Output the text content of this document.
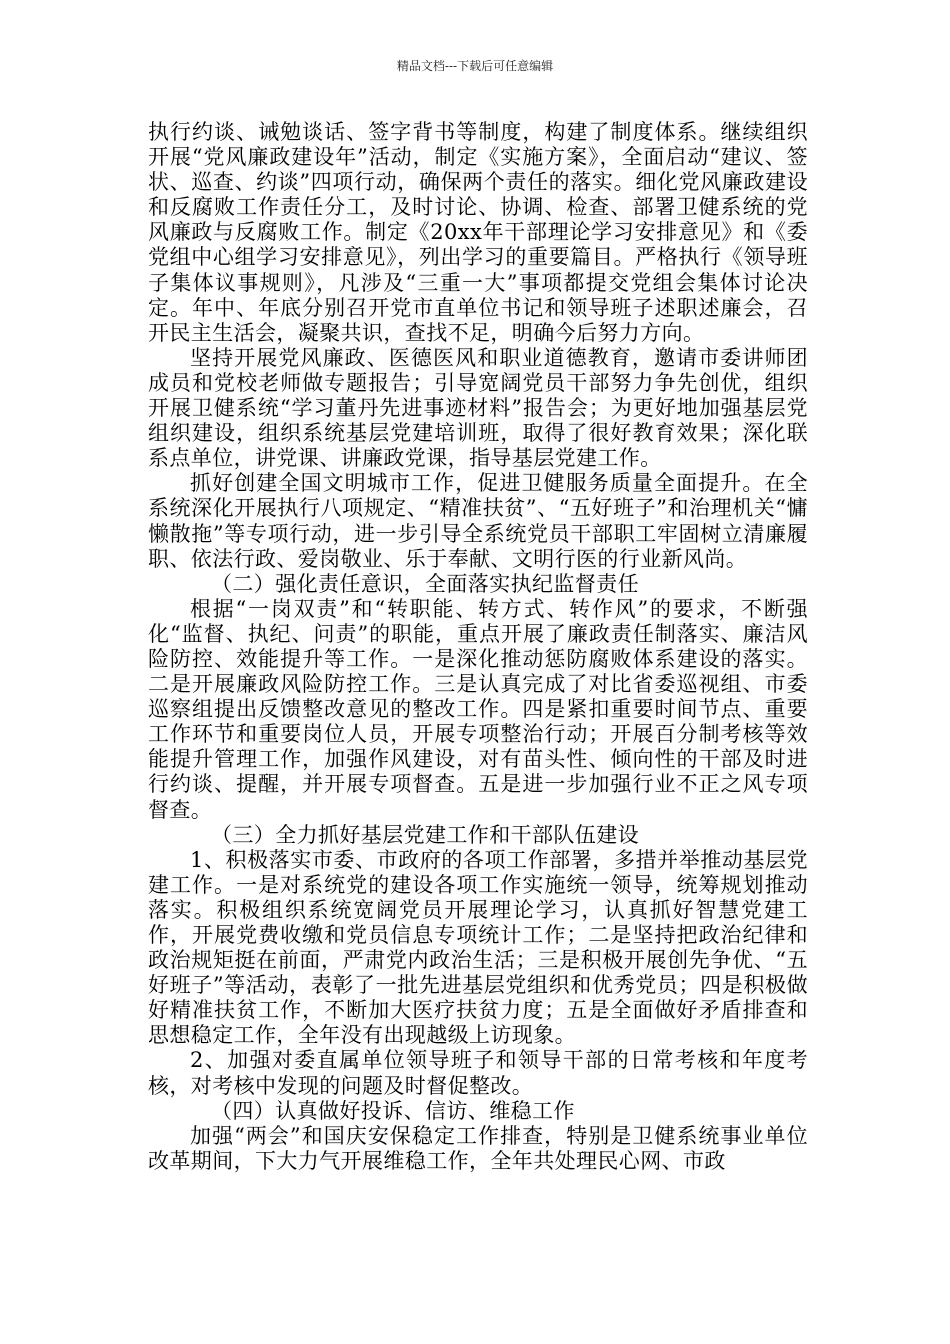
精品文档---下载后可任意编辑

执行约谈、诫勉谈话、签字背书等制度，构建了制度体系。继续组织开展“党风廉政建设年”活动，制定《实施方案》，全面启动“建议、签状、巡查、约谈”四项行动，确保两个责任的落实。细化党风廉政建设和反腐败工作责任分工，及时讨论、协调、检查、部署卫健系统的党风廉政与反腐败工作。制定《20xx年干部理论学习安排意见》和《委党组中心组学习安排意见》，列出学习的重要篇目。严格执行《领导班子集体议事规则》，凡涉及“三重一大”事项都提交党组会集体讨论决定。年中、年底分别召开党市直单位书记和领导班子述职述廉会，召开民主生活会，凝聚共识，查找不足，明确今后努力方向。

坚持开展党风廉政、医德医风和职业道德教育，邀请市委讲师团成员和党校老师做专题报告；引导宽阔党员干部努力争先创优，组织开展卫健系统“学习董丹先进事迹材料”报告会；为更好地加强基层党组织建设，组织系统基层党建培训班，取得了很好教育效果；深化联系点单位，讲党课、讲廉政党课，指导基层党建工作。

抓好创建全国文明城市工作，促进卫健服务质量全面提升。在全系统深化开展执行八项规定、“精准扶贫”、“五好班子”和治理机关“慵懒散拖”等专项行动，进一步引导全系统党员干部职工牢固树立清廉履职、依法行政、爱岗敬业、乐于奉献、文明行医的行业新风尚。

（二）强化责任意识，全面落实执纪监督责任

根据“一岗双责”和“转职能、转方式、转作风”的要求，不断强化“监督、执纪、问责”的职能，重点开展了廉政责任制落实、廉洁风险防控、效能提升等工作。一是深化推动惩防腐败体系建设的落实。二是开展廉政风险防控工作。三是认真完成了对比省委巡视组、市委巡察组提出反馈整改意见的整改工作。四是紧扣重要时间节点、重要工作环节和重要岗位人员，开展专项整治行动；开展百分制考核等效能提升管理工作，加强作风建设，对有苗头性、倾向性的干部及时进行约谈、提醒，并开展专项督查。五是进一步加强行业不正之风专项督查。

（三）全力抓好基层党建工作和干部队伍建设

1、积极落实市委、市政府的各项工作部署，多措并举推动基层党建工作。一是对系统党的建设各项工作实施统一领导，统筹规划推动落实。积极组织系统宽阔党员开展理论学习，认真抓好智慧党建工作，开展党费收缴和党员信息专项统计工作；二是坚持把政治纪律和政治规矩挺在前面，严肃党内政治生活；三是积极开展创先争优、“五好班子”等活动，表彰了一批先进基层党组织和优秀党员；四是积极做好精准扶贫工作，不断加大医疗扶贫力度；五是全面做好矛盾排查和思想稳定工作，全年没有出现越级上访现象。

2、加强对委直属单位领导班子和领导干部的日常考核和年度考核，对考核中发现的问题及时督促整改。

（四）认真做好投诉、信访、维稳工作

加强“两会”和国庆安保稳定工作排查，特别是卫健系统事业单位改革期间，下大力气开展维稳工作，全年共处理民心网、市政
